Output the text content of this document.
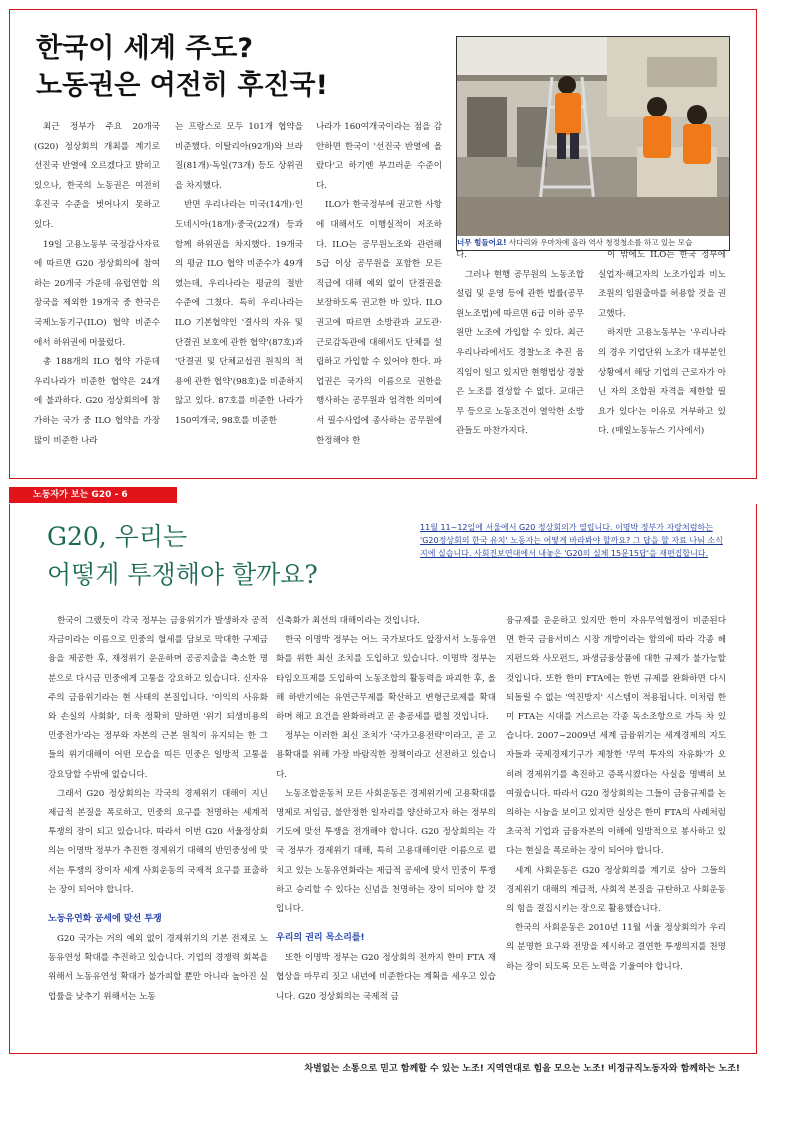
한국이 세계 주도?
노동권은 여전히 후진국!
너무 힘들어요! 사다리와 우마차에 올라 역사 청정청소를 하고 있는 모습

최근 정부가 주요 20개국(G20) 정상회의 개최를 계기로 선진국 반열에 오르겠다고 밝히고 있으나, 한국의 노동권은 여전히 후진국 수준을 벗어나지 못하고 있다.

19일 고용노동부 국정감사자료에 따르면 G20 정상회의에 참여하는 20개국 가운데 유럽연합 의장국을 제외한 19개국 중 한국은 국제노동기구(ILO) 협약 비준수에서 하위권에 머물렀다.

총 188개의 ILO 협약 가운데 우리나라가 비준한 협약은 24개에 불과하다. G20 정상회의에 참가하는 국가 중 ILO 협약을 가장 많이 비준한 나라

는 프랑스로 모두 101개 협약을 비준했다. 이탈리아(92개)와 브라질(81개)·독일(73개) 등도 상위권을 차지했다.

반면 우리나라는 미국(14개)·인도네시아(18개)·중국(22개) 등과 함께 하위권을 차지했다. 19개국의 평균 ILO 협약 비준수가 49개였는데, 우리나라는 평균의 절반 수준에 그쳤다. 특히 우리나라는 ILO 기본협약인 '결사의 자유 및 단결권 보호에 관한 협약'(87호)과 '단결권 및 단체교섭권 원칙의 적용에 관한 협약'(98호)을 비준하지 않고 있다. 87호를 비준한 나라가 150여개국, 98호를 비준한

나라가 160여개국이라는 점을 감안하면 한국이 '선진국 반열에 올랐다'고 하기엔 부끄러운 수준이다.

ILO가 한국정부에 권고한 사항에 대해서도 이행실적이 저조하다. ILO는 공무원노조와 관련해 5급 이상 공무원을 포함한 모든 직급에 대해 예외 없이 단결권을 보장하도록 권고한 바 있다. ILO 권고에 따르면 소방관과 교도관·근로감독관에 대해서도 단체를 설립하고 가입할 수 있어야 한다. 파업권은 국가의 이름으로 권한을 행사하는 공무원과 엄격한 의미에서 필수사업에 종사하는 공무원에 한정해야 한

다.

그러나 현행 공무원의 노동조합 설립 및 운영 등에 관한 법률(공무원노조법)에 따르면 6급 이하 공무원만 노조에 가입할 수 있다. 최근 우리나라에서도 경찰노조 추진 움직임이 일고 있지만 현행법상 경찰은 노조를 결성할 수 없다. 교대근무 등으로 노동조건이 열악한 소방관들도 마찬가지다.

이 밖에도 ILO는 한국 정부에 실업자·해고자의 노조가입과 비노조원의 임원출마를 허용할 것을 권고했다.

하지만 고용노동부는 '우리나라의 경우 기업단위 노조가 대부분인 상황에서 해당 기업의 근로자가 아닌 자의 조합원 자격을 제한할 필요가 있다'는 이유로 거부하고 있다. (매일노동뉴스 기사에서)

노동자가 보는 G20 - 6
G20, 우리는
어떻게 투쟁해야 할까요?
11월 11~12일에 서울에서 G20 정상회의가 열립니다. 이명박 정부가 자랑처럼하는 'G20정상회의 한국 유치' 노동자는 어떻게 바라봐야 할까요? 그 답을 할 자료 나눠 소식지에 실습니다. 사회진보연대에서 내놓은 'G20의 실체 15문15답'을 재편집합니다.

한국이 그랬듯이 각국 정부는 금융위기가 발생하자 공적자금이라는 이름으로 민중의 혈세를 담보로 막대한 구제금융을 제공한 후, 재정위기 운운하며 공공지출을 축소한 명분으로 다시금 민중에게 고통을 강요하고 있습니다. 신자유주의 금융위기라는 현 사태의 본질입니다. '이익의 사유화와 손실의 사회화', 더욱 정확히 말하면 '위기 되생비용의 민중전가'라는 정부와 자본의 근본 원칙이 유지되는 한 그들의 위기대해이 어떤 모습을 띠든 민중은 일방적 고통을 강요당할 수밖에 없습니다.

그래서 G20 정상회의는 각국의 경제위기 대해이 지닌 제급적 본질을 폭로하고, 민중의 요구를 천명하는 세계적 투쟁의 장이 되고 있습니다. 따라서 이번 G20 서울정상회의는 이명박 정부가 추진한 경제위기 대해의 반민중성에 맞서는 투쟁의 장이자 세계 사회운동의 국제적 요구를 표출하는 장이 되어야 합니다.

노동유연화 공세에 맞선 투쟁

G20 국가는 거의 예외 없이 경제위기의 기본 전제로 노동유연성 확대를 추진하고 있습니다. 기업의 경쟁력 회복을 위해서 노동유연성 확대가 불가피할 뿐만 아니라 높아진 실업률을 낮추기 위해서는 노동

신축화가 최선의 대해이라는 것입니다.

한국 이명박 정부는 어느 국가보다도 앞장서서 노동유연화를 위한 최신 조치를 도입하고 있습니다. 이명박 정부는 타임오프제를 도입하여 노동조합의 활동력을 파괴한 후, 올해 하반기에는 유연근무제를 확산하고 변형근로제를 확대하며 해고 요건을 완화하려고 곧 총공세를 펼칠 것입니다.

정부는 이러한 최신 조치가 '국가고용전략'이라고, 곧 고용확대를 위해 가장 바람직한 정책이라고 선전하고 있습니다.

노동조합운동처 모든 사회운동은 경제위기에 고용확대를 명제로 저임금, 불안정한 일자리를 양산하고자 하는 정부의 기도에 맞선 투쟁을 전개해야 합니다. G20 정상회의는 각국 정부가 경제위기 대해, 특히 고용대해이란 이름으로 펼치고 있는 노동유연화라는 제급적 공세에 맞서 민중이 투쟁하고 승리할 수 있다는 신념을 천명하는 장이 되어야 할 것입니다.

우리의 권리 목소리를!

또한 이명박 정부는 G20 정상회의 전까지 한미 FTA 재협상을 마무리 짓고 내년에 비준한다는 계획을 세우고 있습니다. G20 정상회의는 국제적 금

융규제를 운운하고 있지만 한미 자유무역협정이 비준된다면 한국 금융서비스 시장 개방이라는 함의에 따라 각종 헤지펀드와 사모펀드, 파생금융상품에 대한 규제가 불가능할 것입니다. 또한 한미 FTA에는 한번 규제를 완화하면 다시 되돌릴 수 없는 '역진방지' 시스템이 적용됩니다. 이처럼 한미 FTA는 시대를 거스르는 각종 독소조항으로 가득 차 있습니다. 2007~2009년 세계 금융위기는 세계경제의 지도자들과 국제경제기구가 제창한 '무역 투자의 자유화'가 오히려 경제위기를 촉진하고 증폭시켰다는 사실을 명백히 보여줬습니다. 따라서 G20 정상회의는 그들이 금융규제를 논의하는 시늉을 보이고 있지만 실상은 한미 FTA의 사례처럼 초국적 기업과 금융자본의 이해에 일방적으로 봉사하고 있다는 현실을 폭로하는 장이 되어야 합니다.

세계 사회운동은 G20 정상회의를 계기로 삼아 그들의 경제위기 대해의 계급적, 사회적 본질을 규탄하고 사회운동의 힘을 결집시키는 장으로 활용했습니다.

한국의 사회운동은 2010년 11월 서울 정상회의가 우리의 분명한 요구와 전망을 제시하고 결연한 투쟁의지를 천명하는 장이 되도록 모든 노력을 기울여야 합니다.

차별없는 소통으로 믿고 함께할 수 있는 노조! 지역연대로 힘을 모으는 노조! 비정규직노동자와 함께하는 노조!
